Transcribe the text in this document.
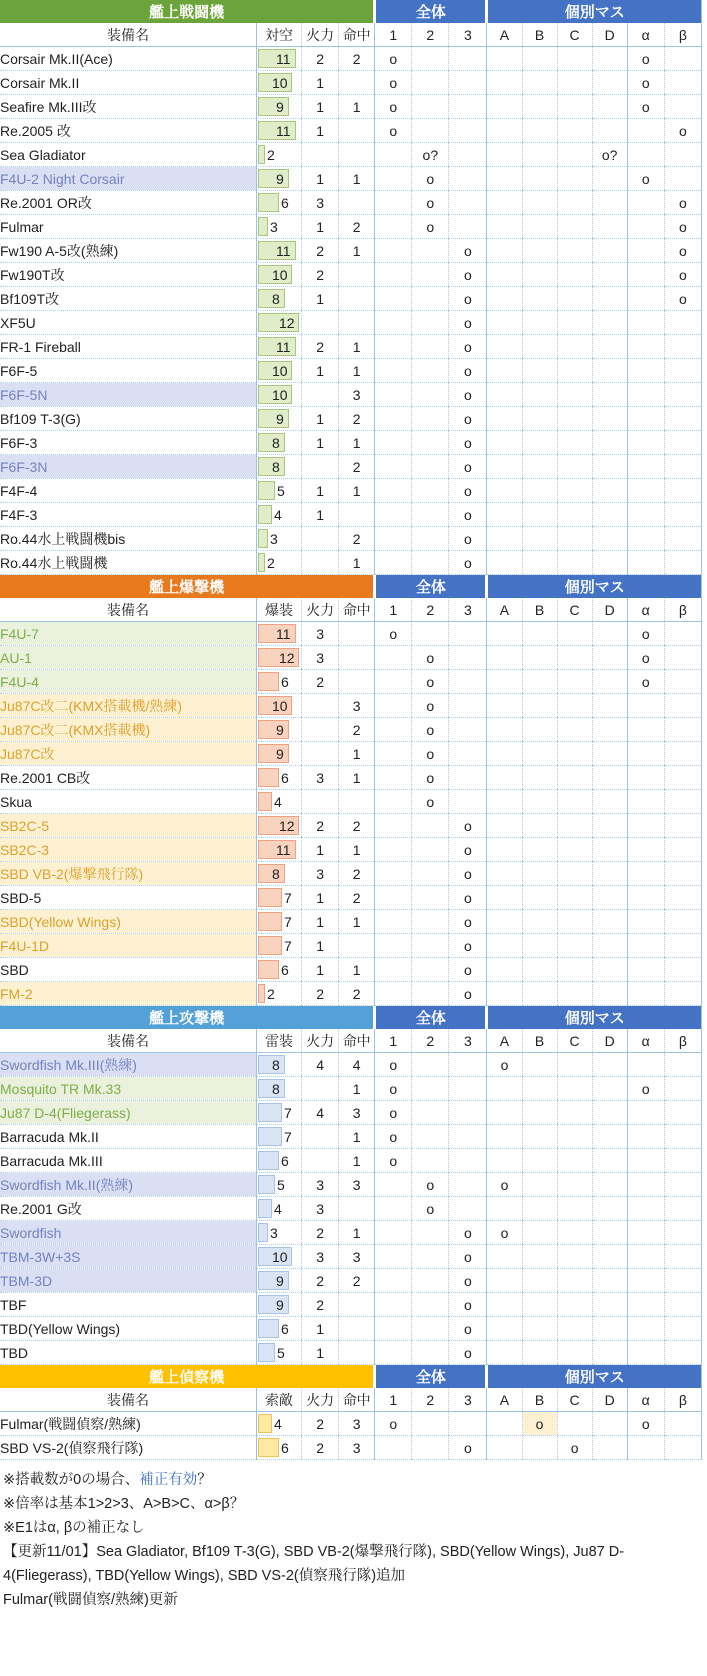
艦上戦闘機				全体			個別マス					
装備名	対空	火力	命中	1	2	3	A	B	C	D	α	β
Corsair Mk.II(Ace)	11	2	2	o							o	
Corsair Mk.II	10	1		o							o	
Seafire Mk.III改	9	1	1	o							o	
Re.2005 改	11	1		o								o
Sea Gladiator	2				o?					o?		
F4U-2 Night Corsair	9	1	1		o						o	
Re.2001 OR改	6	3			o							o
Fulmar	3	1	2		o							o
Fw190 A-5改(熟練)	11	2	1			o						o
Fw190T改	10	2				o						o
Bf109T改	8	1				o						o
XF5U	12					o						
FR-1 Fireball	11	2	1			o						
F6F-5	10	1	1			o						
F6F-5N	10		3			o						
Bf109 T-3(G)	9	1	2			o						
F6F-3	8	1	1			o						
F6F-3N	8		2			o						
F4F-4	5	1	1			o						
F4F-3	4	1				o						
Ro.44水上戦闘機bis	3		2			o						
Ro.44水上戦闘機	2		1			o						
艦上爆撃機				全体			個別マス					
装備名	爆装	火力	命中	1	2	3	A	B	C	D	α	β
F4U-7	11	3		o							o	
AU-1	12	3			o						o	
F4U-4	6	2			o						o	
Ju87C改二(KMX搭載機/熟練)	10		3		o							
Ju87C改二(KMX搭載機)	9		2		o							
Ju87C改	9		1		o							
Re.2001 CB改	6	3	1		o							
Skua	4				o							
SB2C-5	12	2	2			o						
SB2C-3	11	1	1			o						
SBD VB-2(爆撃飛行隊)	8	3	2			o						
SBD-5	7	1	2			o						
SBD(Yellow Wings)	7	1	1			o						
F4U-1D	7	1				o						
SBD	6	1	1			o						
FM-2	2	2	2			o						
艦上攻撃機				全体			個別マス					
装備名	雷装	火力	命中	1	2	3	A	B	C	D	α	β
Swordfish Mk.III(熟練)	8	4	4	o			o					
Mosquito TR Mk.33	8		1	o							o	
Ju87 D-4(Fliegerass)	7	4	3	o								
Barracuda Mk.II	7		1	o								
Barracuda Mk.III	6		1	o								
Swordfish Mk.II(熟練)	5	3	3		o		o					
Re.2001 G改	4	3			o							
Swordfish	3	2	1			o	o					
TBM-3W+3S	10	3	3			o						
TBM-3D	9	2	2			o						
TBF	9	2				o						
TBD(Yellow Wings)	6	1				o						
TBD	5	1				o						
艦上偵察機				全体			個別マス					
装備名	索敵	火力	命中	1	2	3	A	B	C	D	α	β
Fulmar(戦闘偵察/熟練)	4	2	3	o				o			o	
SBD VS-2(偵察飛行隊)	6	2	3			o			o			
※搭載数が0の場合、補正有効？
※倍率は基本1>2>3、A>B>C、α>β？
※E1はα, βの補正なし
【更新11/01】Sea Gladiator, Bf109 T-3(G), SBD VB-2(爆撃飛行隊), SBD(Yellow Wings), Ju87 D-4(Fliegerass), TBD(Yellow Wings), SBD VS-2(偵察飛行隊)追加
Fulmar(戦闘偵察/熟練)更新
